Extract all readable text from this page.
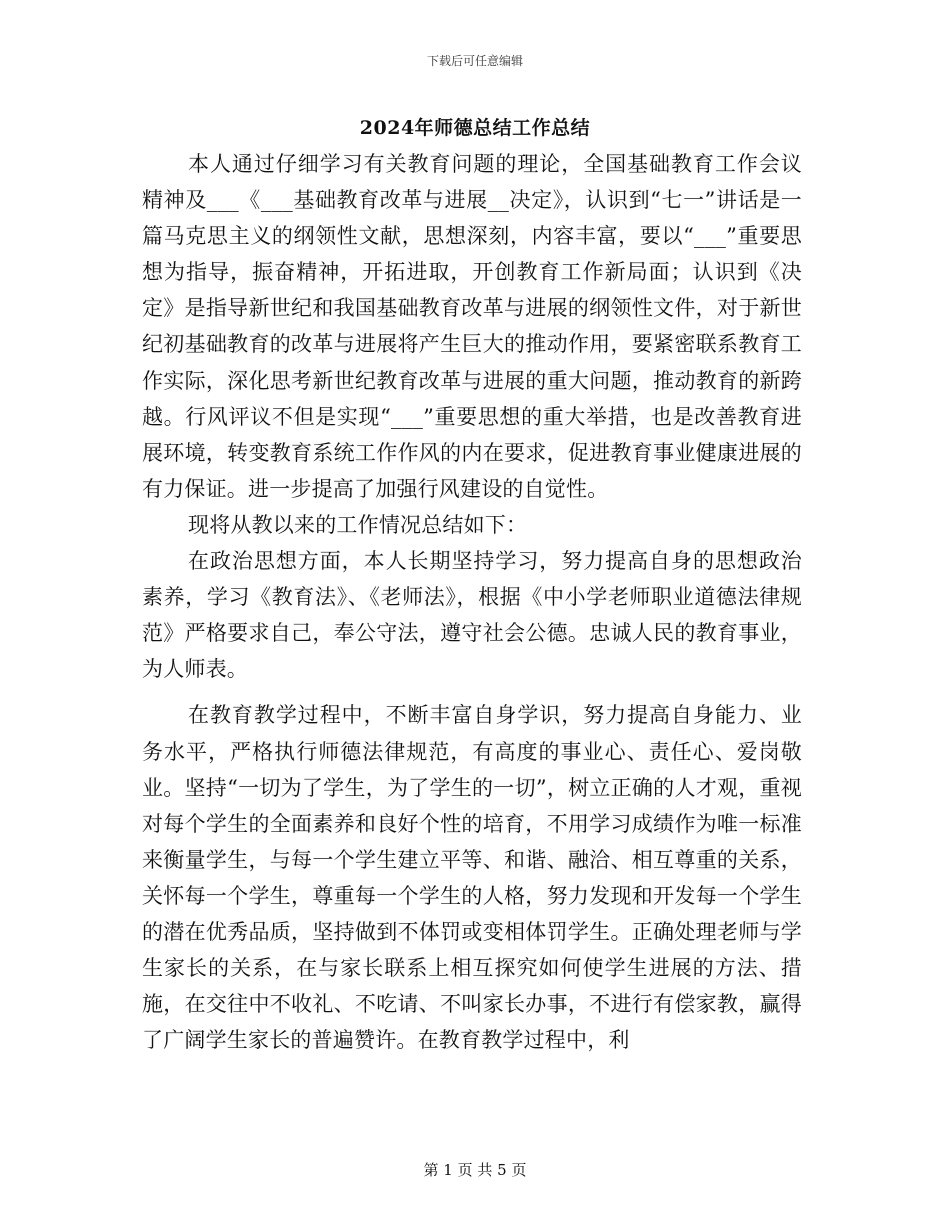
下载后可任意编辑
2024年师德总结工作总结

本人通过仔细学习有关教育问题的理论，全国基础教育工作会议精神及___《___基础教育改革与进展__决定》，认识到“七一”讲话是一篇马克思主义的纲领性文献，思想深刻，内容丰富，要以“___”重要思想为指导，振奋精神，开拓进取，开创教育工作新局面；认识到《决定》是指导新世纪和我国基础教育改革与进展的纲领性文件，对于新世纪初基础教育的改革与进展将产生巨大的推动作用，要紧密联系教育工作实际，深化思考新世纪教育改革与进展的重大问题，推动教育的新跨越。行风评议不但是实现“___”重要思想的重大举措，也是改善教育进展环境，转变教育系统工作作风的内在要求，促进教育事业健康进展的有力保证。进一步提高了加强行风建设的自觉性。

现将从教以来的工作情况总结如下：

在政治思想方面，本人长期坚持学习，努力提高自身的思想政治素养，学习《教育法》、《老师法》，根据《中小学老师职业道德法律规范》严格要求自己，奉公守法，遵守社会公德。忠诚人民的教育事业，为人师表。

在教育教学过程中，不断丰富自身学识，努力提高自身能力、业务水平，严格执行师德法律规范，有高度的事业心、责任心、爱岗敬业。坚持“一切为了学生，为了学生的一切”，树立正确的人才观，重视对每个学生的全面素养和良好个性的培育，不用学习成绩作为唯一标准来衡量学生，与每一个学生建立平等、和谐、融洽、相互尊重的关系，关怀每一个学生，尊重每一个学生的人格，努力发现和开发每一个学生的潜在优秀品质，坚持做到不体罚或变相体罚学生。正确处理老师与学生家长的关系，在与家长联系上相互探究如何使学生进展的方法、措施，在交往中不收礼、不吃请、不叫家长办事，不进行有偿家教，赢得了广阔学生家长的普遍赞许。在教育教学过程中，利

第 1 页 共 5 页
